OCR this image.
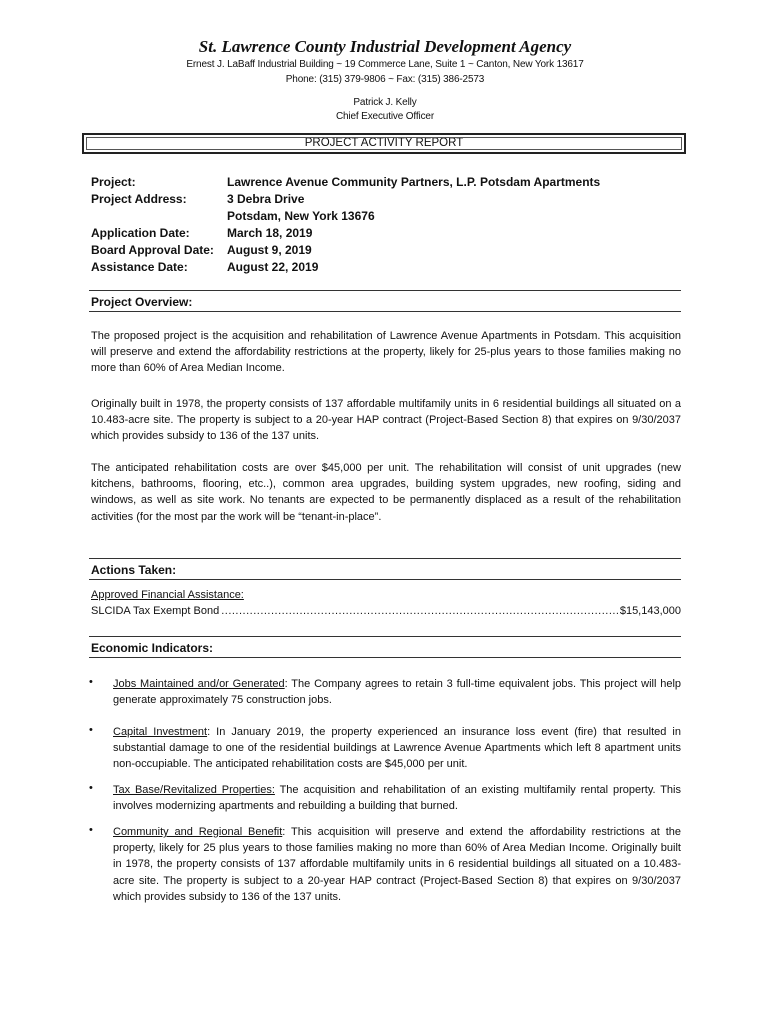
St. Lawrence County Industrial Development Agency
Ernest J. LaBaff Industrial Building ~ 19 Commerce Lane, Suite 1 ~ Canton, New York 13617
Phone: (315) 379-9806 ~ Fax: (315) 386-2573
Patrick J. Kelly
Chief Executive Officer
PROJECT ACTIVITY REPORT
Project:	Lawrence Avenue Community Partners, L.P. Potsdam Apartments
Project Address:	3 Debra Drive
Potsdam, New York 13676
Application Date:	March 18, 2019
Board Approval Date: August 9, 2019
Assistance Date:	August 22, 2019
Project Overview:

The proposed project is the acquisition and rehabilitation of Lawrence Avenue Apartments in Potsdam. This acquisition will preserve and extend the affordability restrictions at the property, likely for 25-plus years to those families making no more than 60% of Area Median Income.

Originally built in 1978, the property consists of 137 affordable multifamily units in 6 residential buildings all situated on a 10.483-acre site. The property is subject to a 20-year HAP contract (Project-Based Section 8) that expires on 9/30/2037 which provides subsidy to 136 of the 137 units.

The anticipated rehabilitation costs are over $45,000 per unit. The rehabilitation will consist of unit upgrades (new kitchens, bathrooms, flooring, etc..), common area upgrades, building system upgrades, new roofing, siding and windows, as well as site work. No tenants are expected to be permanently displaced as a result of the rehabilitation activities (for the most par the work will be “tenant-in-place”.

Actions Taken:
Approved Financial Assistance:
SLCIDA Tax Exempt Bond
.....	$15,143,000
Economic Indicators:
• Jobs Maintained and/or Generated: The Company agrees to retain 3 full-time equivalent jobs. This project will help generate approximately 75 construction jobs.

• Capital Investment: In January 2019, the property experienced an insurance loss event (fire) that resulted in substantial damage to one of the residential buildings at Lawrence Avenue Apartments which left 8 apartment units non-occupiable. The anticipated rehabilitation costs are $45,000 per unit.

• Tax Base/Revitalized Properties: The acquisition and rehabilitation of an existing multifamily rental property. This involves modernizing apartments and rebuilding a building that burned.

• Community and Regional Benefit: This acquisition will preserve and extend the affordability restrictions at the property, likely for 25 plus years to those families making no more than 60% of Area Median Income. Originally built in 1978, the property consists of 137 affordable multifamily units in 6 residential buildings all situated on a 10.483-acre site. The property is subject to a 20-year HAP contract (Project-Based Section 8) that expires on 9/30/2037 which provides subsidy to 136 of the 137 units.
